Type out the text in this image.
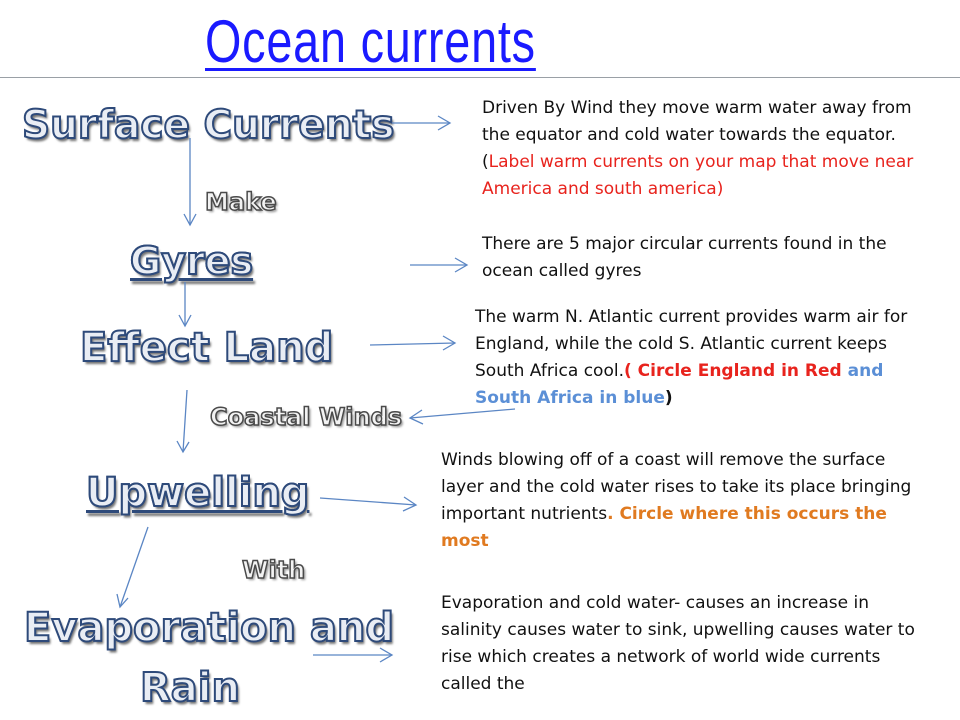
Ocean currents
Surface Currents
Gyres
Effect Land
Upwelling
Evaporation and
Rain
Make
Coastal Winds
With
Driven By Wind they move warm water away from the equator and cold water towards the equator. (Label warm currents on your map that move near America and south america)
There are 5 major circular currents found in the ocean called gyres
The warm N. Atlantic current provides warm air for England, while the cold S. Atlantic current keeps South Africa cool.( Circle England in Red and South Africa in blue)
Winds blowing off of a coast will remove the surface layer and the cold water rises to take its place bringing important nutrients. Circle where this occurs the most
Evaporation and cold water- causes an increase in salinity causes water to sink, upwelling causes water to rise which creates a network of world wide currents called the
